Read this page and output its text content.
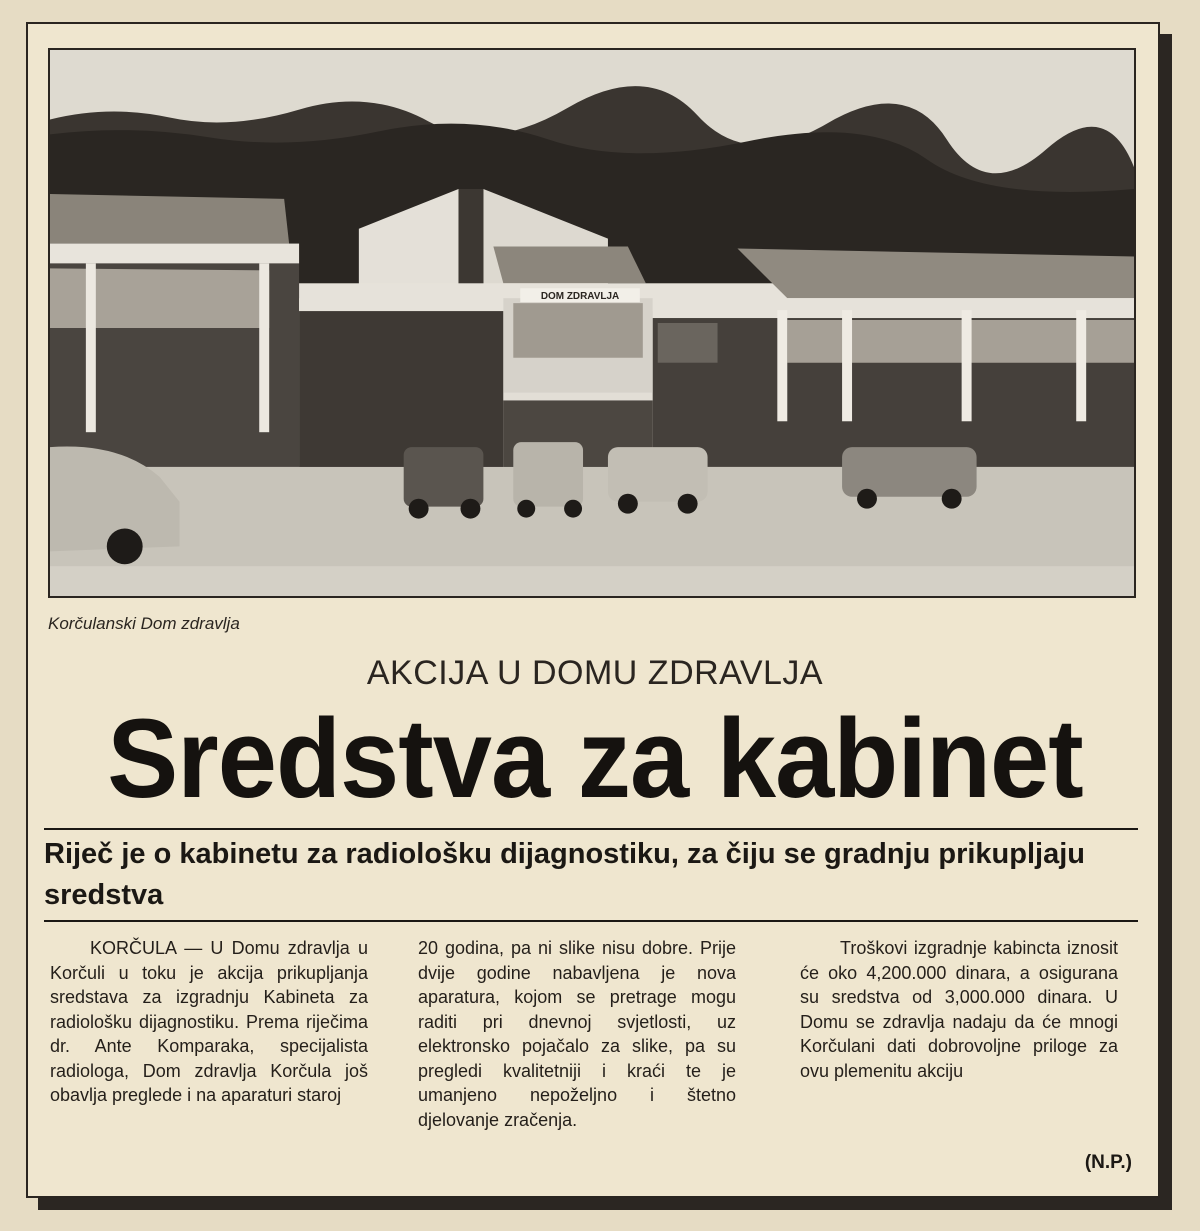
DOM ZDRAVLJA
Korčulanski Dom zdravlja
AKCIJA U DOMU ZDRAVLJA
Sredstva za kabinet
Riječ je o kabinetu za radiološku dijagnostiku, za čiju se gradnju prikupljaju sredstva
KORČULA — U Domu zdravlja u Korčuli u toku je akcija prikupljanja sredstava za izgradnju Kabineta za radiološku dijagnostiku. Prema riječima dr. Ante Komparaka, specijalista radiologa, Dom zdravlja Korčula još obavlja preglede i na aparaturi staroj
20 godina, pa ni slike nisu dobre. Prije dvije godine nabavljena je nova aparatura, kojom se pretrage mogu raditi pri dnevnoj svjetlosti, uz elektronsko pojačalo za slike, pa su pregledi kvalitetniji i kraći te je umanjeno nepoželjno i štetno djelovanje zračenja.
Troškovi izgradnje kabincta iznosit će oko 4,200.000 dinara, a osigurana su sredstva od 3,000.000 dinara. U Domu se zdravlja nadaju da će mnogi Korčulani dati dobrovoljne priloge za ovu plemenitu akciju
(N.P.)
